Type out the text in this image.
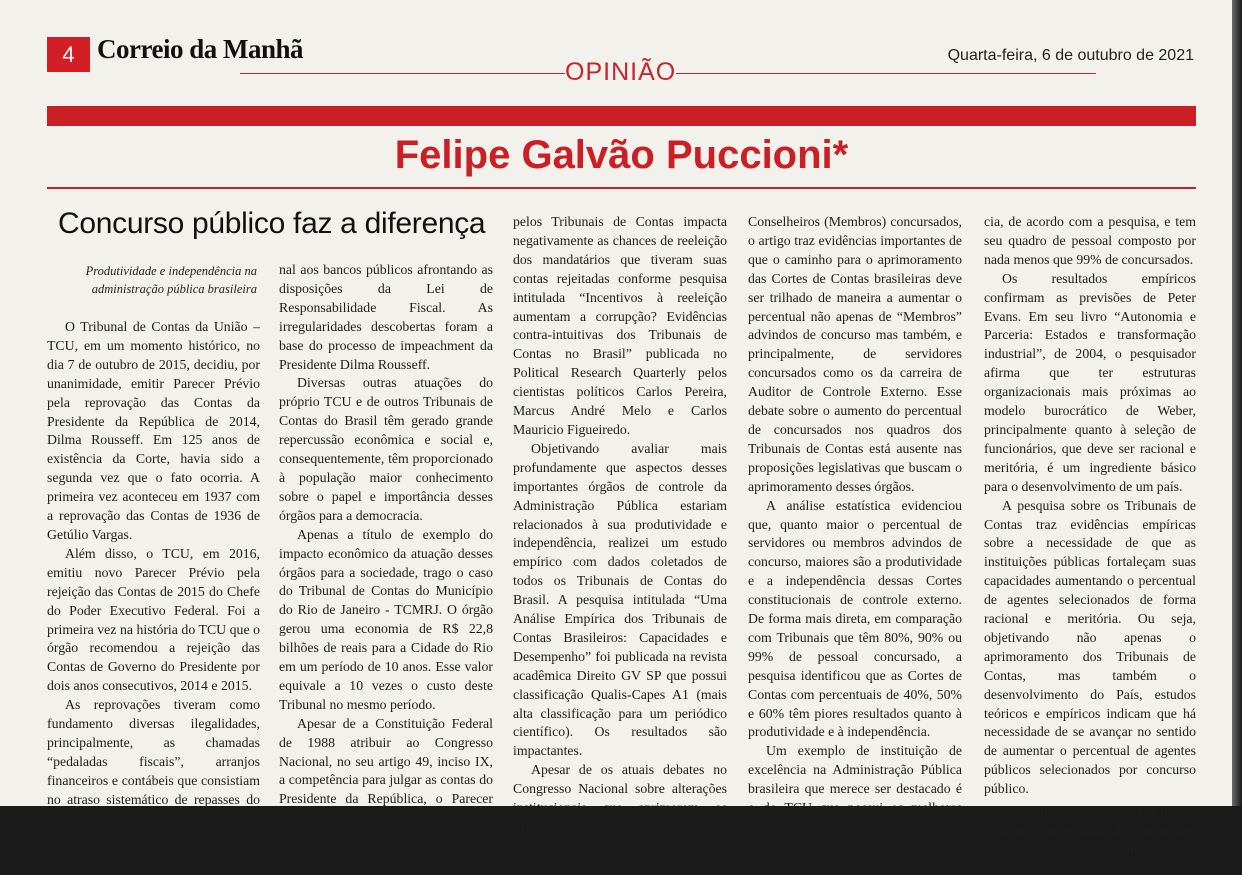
4 Correio da Manhã	Quarta-feira, 6 de outubro de 2021
OPINIÃO
Felipe Galvão Puccioni*
Concurso público faz a diferença
Produtividade e independência na administração pública brasileira

O Tribunal de Contas da União – TCU, em um momento histórico, no dia 7 de outubro de 2015, decidiu, por unanimidade, emitir Parecer Prévio pela reprovação das Contas da Presidente da República de 2014, Dilma Rousseff. Em 125 anos de existência da Corte, havia sido a segunda vez que o fato ocorria. A primeira vez aconteceu em 1937 com a reprovação das Contas de 1936 de Getúlio Vargas.

Além disso, o TCU, em 2016, emitiu novo Parecer Prévio pela rejeição das Contas de 2015 do Chefe do Poder Executivo Federal. Foi a primeira vez na história do TCU que o órgão recomendou a rejeição das Contas de Governo do Presidente por dois anos consecutivos, 2014 e 2015.

As reprovações tiveram como fundamento diversas ilegalidades, principalmente, as chamadas “pedaladas fiscais”, arranjos financeiros e contábeis que consistiam no atraso sistemático de repasses do caixa do Tesouro Nacio-

nal aos bancos públicos afrontando as disposições da Lei de Responsabilidade Fiscal. As irregularidades descobertas foram a base do processo de impeachment da Presidente Dilma Rousseff.

Diversas outras atuações do próprio TCU e de outros Tribunais de Contas do Brasil têm gerado grande repercussão econômica e social e, consequentemente, têm proporcionado à população maior conhecimento sobre o papel e importância desses órgãos para a democracia.

Apenas a título de exemplo do impacto econômico da atuação desses órgãos para a sociedade, trago o caso do Tribunal de Contas do Município do Rio de Janeiro - TCMRJ. O órgão gerou uma economia de R$ 22,8 bilhões de reais para a Cidade do Rio em um período de 10 anos. Esse valor equivale a 10 vezes o custo deste Tribunal no mesmo período.

Apesar de a Constituição Federal de 1988 atribuir ao Congresso Nacional, no seu artigo 49, inciso IX, a competência para julgar as contas do Presidente da República, o Parecer Prévio - que é uma avaliação técnica da gestão - emitido

pelos Tribunais de Contas impacta negativamente as chances de reeleição dos mandatários que tiveram suas contas rejeitadas conforme pesquisa intitulada “Incentivos à reeleição aumentam a corrupção? Evidências contra-intuitivas dos Tribunais de Contas no Brasil” publicada no Political Research Quarterly pelos cientistas políticos Carlos Pereira, Marcus André Melo e Carlos Mauricio Figueiredo.

Objetivando avaliar mais profundamente que aspectos desses importantes órgãos de controle da Administração Pública estariam relacionados à sua produtividade e independência, realizei um estudo empírico com dados coletados de todos os Tribunais de Contas do Brasil. A pesquisa intitulada “Uma Análise Empírica dos Tribunais de Contas Brasileiros: Capacidades e Desempenho” foi publicada na revista acadêmica Direito GV SP que possui classificação Qualis-Capes A1 (mais alta classificação para um periódico científico). Os resultados são impactantes.

Apesar de os atuais debates no Congresso Nacional sobre alterações institucionais que aprimorem os Tribunais de Contas focaram-se principalmente no aumento do percentual de Ministros/

Conselheiros (Membros) concursados, o artigo traz evidências importantes de que o caminho para o aprimoramento das Cortes de Contas brasileiras deve ser trilhado de maneira a aumentar o percentual não apenas de “Membros” advindos de concurso mas também, e principalmente, de servidores concursados como os da carreira de Auditor de Controle Externo. Esse debate sobre o aumento do percentual de concursados nos quadros dos Tribunais de Contas está ausente nas proposições legislativas que buscam o aprimoramento desses órgãos.

A análise estatística evidenciou que, quanto maior o percentual de servidores ou membros advindos de concurso, maiores são a produtividade e a independência dessas Cortes constitucionais de controle externo. De forma mais direta, em comparação com Tribunais que têm 80%, 90% ou 99% de pessoal concursado, a pesquisa identificou que as Cortes de Contas com percentuais de 40%, 50% e 60% têm piores resultados quanto à produtividade e à independência.

Um exemplo de instituição de excelência na Administração Pública brasileira que merece ser destacado é o do TCU que possui os melhores indicadores de desempenho e independên-

cia, de acordo com a pesquisa, e tem seu quadro de pessoal composto por nada menos que 99% de concursados.

Os resultados empíricos confirmam as previsões de Peter Evans. Em seu livro “Autonomia e Parceria: Estados e transformação industrial”, de 2004, o pesquisador afirma que ter estruturas organizacionais mais próximas ao modelo burocrático de Weber, principalmente quanto à seleção de funcionários, que deve ser racional e meritória, é um ingrediente básico para o desenvolvimento de um país.

A pesquisa sobre os Tribunais de Contas traz evidências empíricas sobre a necessidade de que as instituições públicas fortaleçam suas capacidades aumentando o percentual de agentes selecionados de forma racional e meritória. Ou seja, objetivando não apenas o aprimoramento dos Tribunais de Contas, mas também o desenvolvimento do País, estudos teóricos e empíricos indicam que há necessidade de se avançar no sentido de aumentar o percentual de agentes públicos selecionados por concurso público.

*Conselheiro do TCMRJ. Cursa o PhD na Universidade de Cambridge (Trinity College)
